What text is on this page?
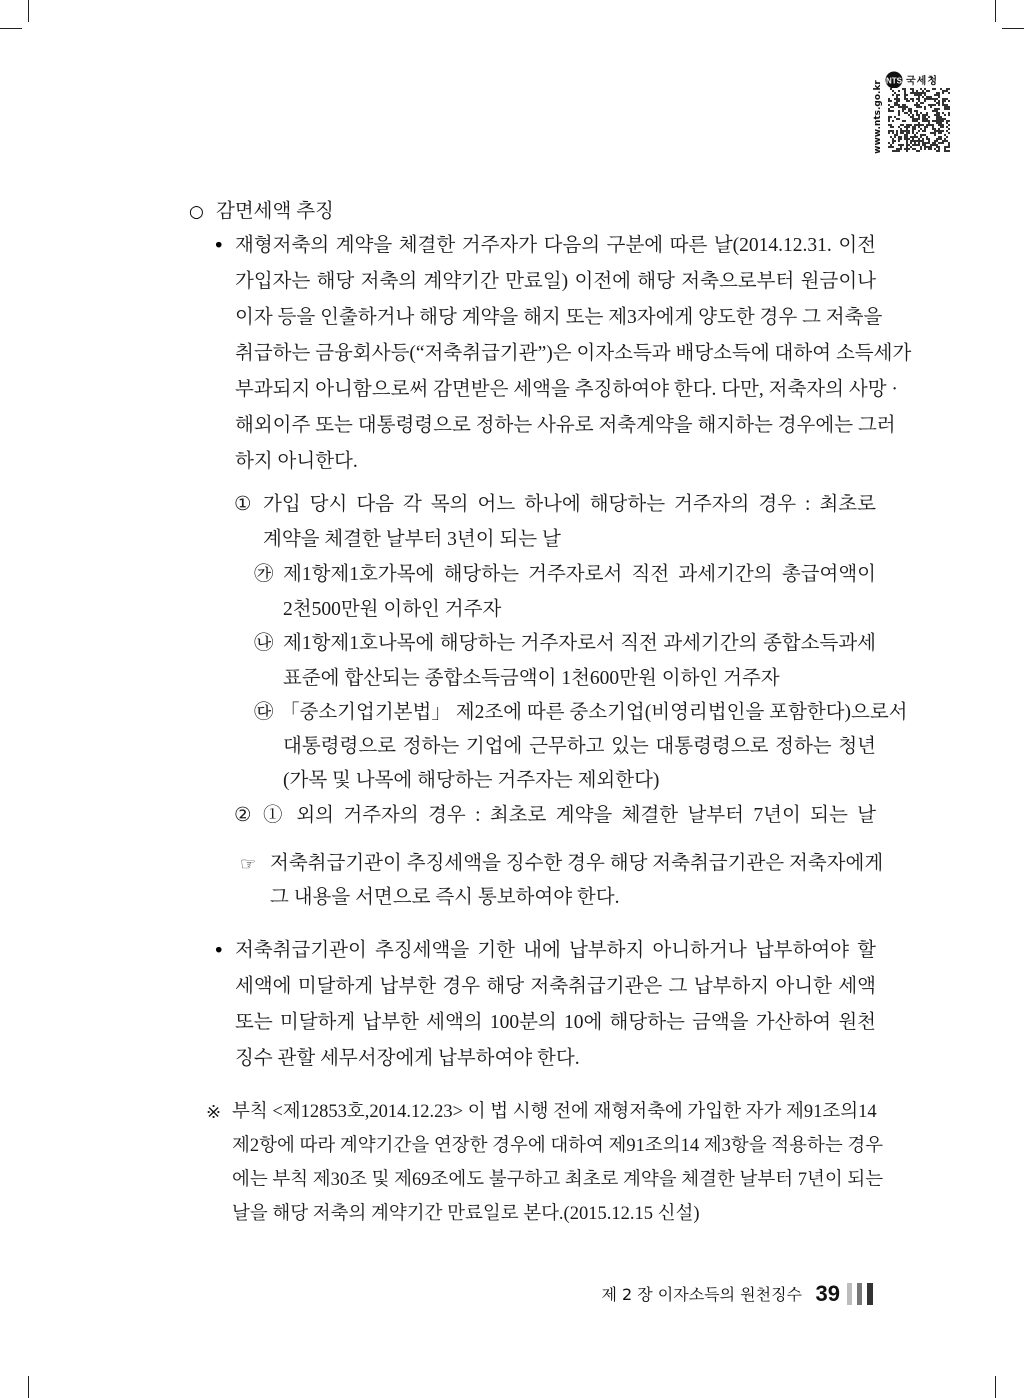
NTS 국세청
www.nts.go.kr
○ 감면세액 추징
• 재형저축의 계약을 체결한 거주자가 다음의 구분에 따른 날(2014.12.31. 이전
가입자는 해당 저축의 계약기간 만료일) 이전에 해당 저축으로부터 원금이나
이자 등을 인출하거나 해당 계약을 해지 또는 제3자에게 양도한 경우 그 저축을
취급하는 금융회사등(“저축취급기관”)은 이자소득과 배당소득에 대하여 소득세가
부과되지 아니함으로써 감면받은 세액을 추징하여야 한다. 다만, 저축자의 사망 ·
해외이주 또는 대통령령으로 정하는 사유로 저축계약을 해지하는 경우에는 그러
하지 아니한다.
① 가입 당시 다음 각 목의 어느 하나에 해당하는 거주자의 경우 : 최초로
계약을 체결한 날부터 3년이 되는 날
㉮ 제1항제1호가목에 해당하는 거주자로서 직전 과세기간의 총급여액이
2천500만원 이하인 거주자
㉯ 제1항제1호나목에 해당하는 거주자로서 직전 과세기간의 종합소득과세
표준에 합산되는 종합소득금액이 1천600만원 이하인 거주자
㉰ 「중소기업기본법」 제2조에 따른 중소기업(비영리법인을 포함한다)으로서
대통령령으로 정하는 기업에 근무하고 있는 대통령령으로 정하는 청년
(가목 및 나목에 해당하는 거주자는 제외한다)
② ① 외의 거주자의 경우 : 최초로 계약을 체결한 날부터 7년이 되는 날
☞ 저축취급기관이 추징세액을 징수한 경우 해당 저축취급기관은 저축자에게
그 내용을 서면으로 즉시 통보하여야 한다.
• 저축취급기관이 추징세액을 기한 내에 납부하지 아니하거나 납부하여야 할
세액에 미달하게 납부한 경우 해당 저축취급기관은 그 납부하지 아니한 세액
또는 미달하게 납부한 세액의 100분의 10에 해당하는 금액을 가산하여 원천
징수 관할 세무서장에게 납부하여야 한다.
※ 부칙 <제12853호,2014.12.23> 이 법 시행 전에 재형저축에 가입한 자가 제91조의14
제2항에 따라 계약기간을 연장한 경우에 대하여 제91조의14 제3항을 적용하는 경우
에는 부칙 제30조 및 제69조에도 불구하고 최초로 계약을 체결한 날부터 7년이 되는
날을 해당 저축의 계약기간 만료일로 본다.(2015.12.15 신설)
제 2 장 이자소득의 원천징수 39
